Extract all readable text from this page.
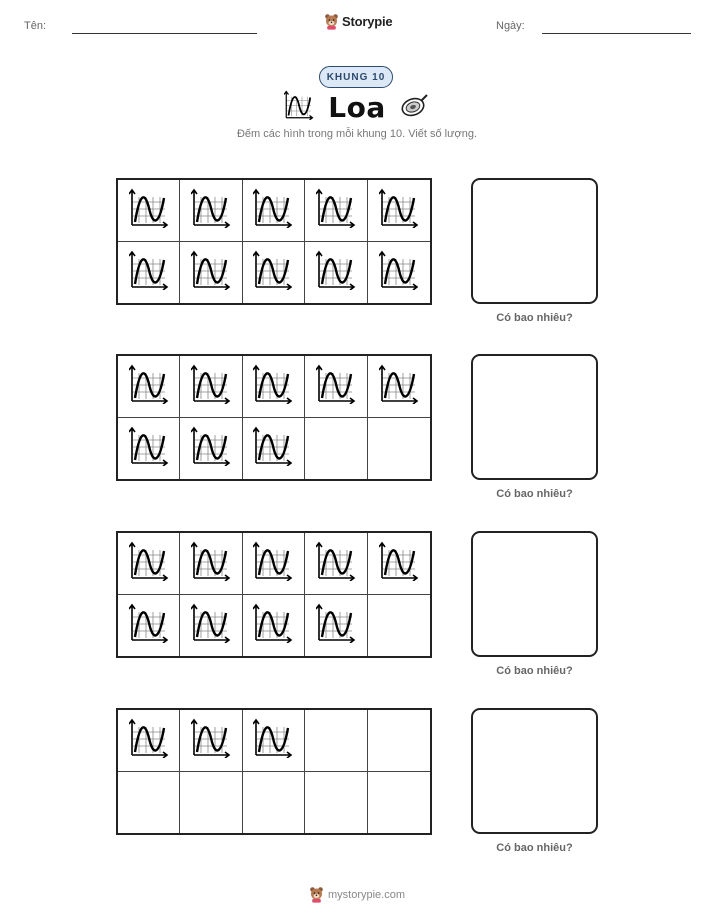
Tên:	Storypie	Ngày:
KHUNG 10
Loa
Đếm các hình trong mỗi khung 10. Viết số lượng.
Có bao nhiêu?
Có bao nhiêu?
Có bao nhiêu?
Có bao nhiêu?
mystorypie.com
